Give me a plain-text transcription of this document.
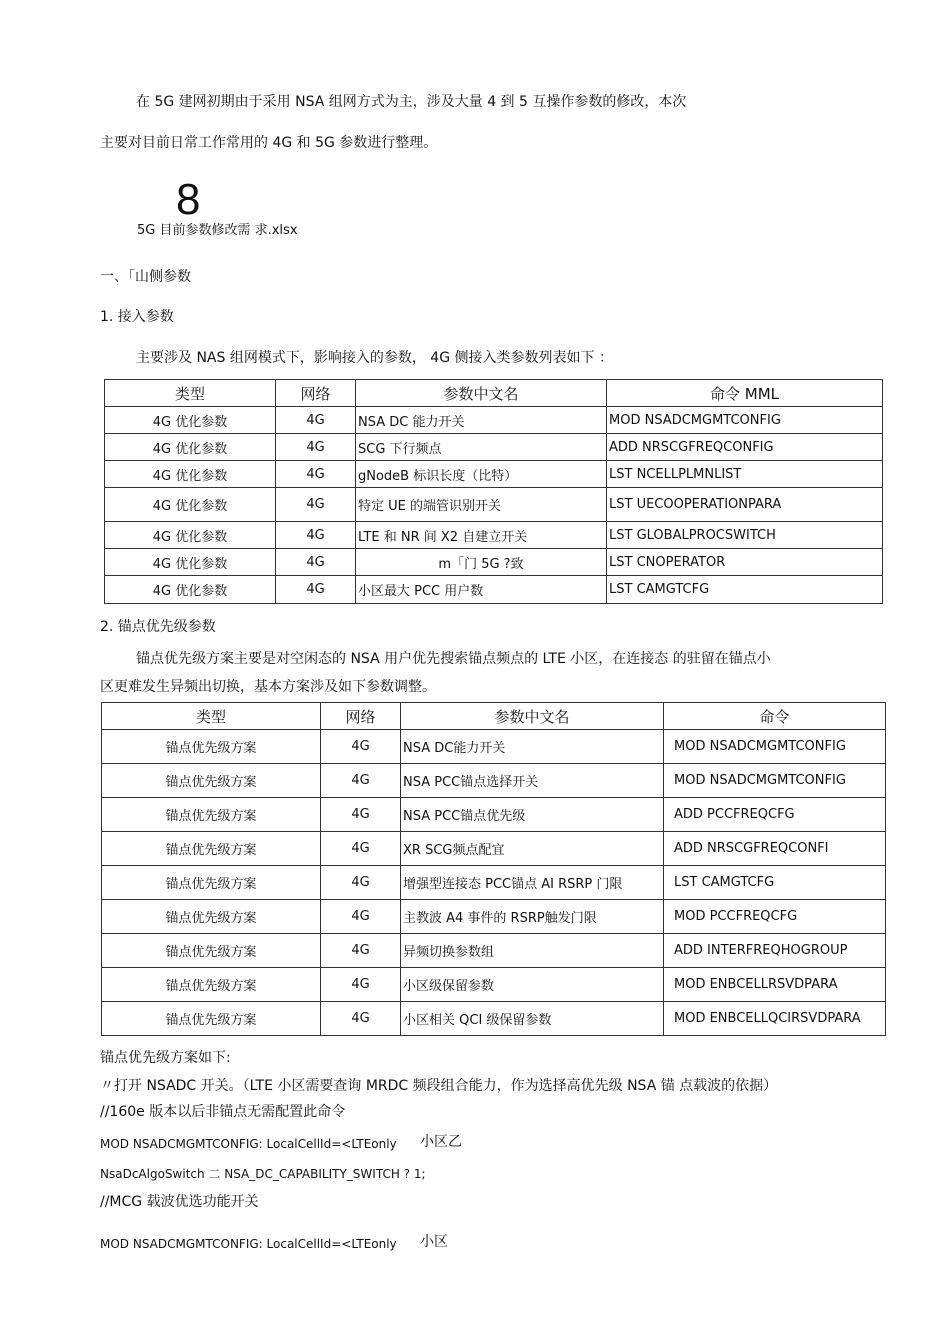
在 5G 建网初期由于采用 NSA 组网方式为主，涉及大量 4 到 5 互操作参数的修改，本次
主要对目前日常工作常用的 4G 和 5G 参数进行整理。
8
5G 目前参数修改需 求.xlsx
一、「山侧参数
1. 接入参数
主要涉及 NAS 组网模式下，影响接入的参数， 4G 侧接入类参数列表如下 ：
类型	网络	参数中文名	命令 MML
4G 优化参数	4G	NSA DC 能力开关	MOD NSADCMGMTCONFIG
4G 优化参数	4G	SCG 下行频点	ADD NRSCGFREQCONFIG
4G 优化参数	4G	gNodeB 标识长度（比特）	LST NCELLPLMNLIST
4G 优化参数	4G	特定 UE 的端管识别开关	LST UECOOPERATIONPARA
4G 优化参数	4G	LTE 和 NR 间 X2 自建立开关	LST GLOBALPROCSWITCH
4G 优化参数	4G	m「门 5G ?致	LST CNOPERATOR
4G 优化参数	4G	小区最大 PCC 用户数	LST CAMGTCFG
2. 锚点优先级参数
锚点优先级方案主要是对空闲态的 NSA 用户优先搜索锚点频点的 LTE 小区，在连接态 的驻留在锚点小
区更难发生异频出切换，基本方案涉及如下参数调整。
类型	网络	参数中文名	命令
锚点优先级方案	4G	NSA DC能力开关	MOD NSADCMGMTCONFIG
锚点优先级方案	4G	NSA PCC锚点选择开关	MOD NSADCMGMTCONFIG
锚点优先级方案	4G	NSA PCC锚点优先级	ADD PCCFREQCFG
锚点优先级方案	4G	XR SCG频点配宜	ADD NRSCGFREQCONFI
锚点优先级方案	4G	增强型连接态 PCC锚点 AI RSRP 门限	LST CAMGTCFG
锚点优先级方案	4G	主教波 A4 事件的 RSRP触发门限	MOD PCCFREQCFG
锚点优先级方案	4G	异频切换参数组	ADD INTERFREQHOGROUP
锚点优先级方案	4G	小区级保留参数	MOD ENBCELLRSVDPARA
锚点优先级方案	4G	小区相关 QCI 级保留参数	MOD ENBCELLQCIRSVDPARA
锚点优先级方案如下:
〃打开 NSADC 开关。（LTE 小区需要查询 MRDC 频段组合能力，作为选择高优先级 NSA 锚 点载波的依据）
//160e 版本以后非锚点无需配置此命令
MOD NSADCMGMTCONFIG: LocalCellId=<LTEonly 小区乙
NsaDcAlgoSwitch 二 NSA_DC_CAPABILITY_SWITCH ? 1;
//MCG 载波优选功能开关
MOD NSADCMGMTCONFIG: LocalCellId=<LTEonly 小区
